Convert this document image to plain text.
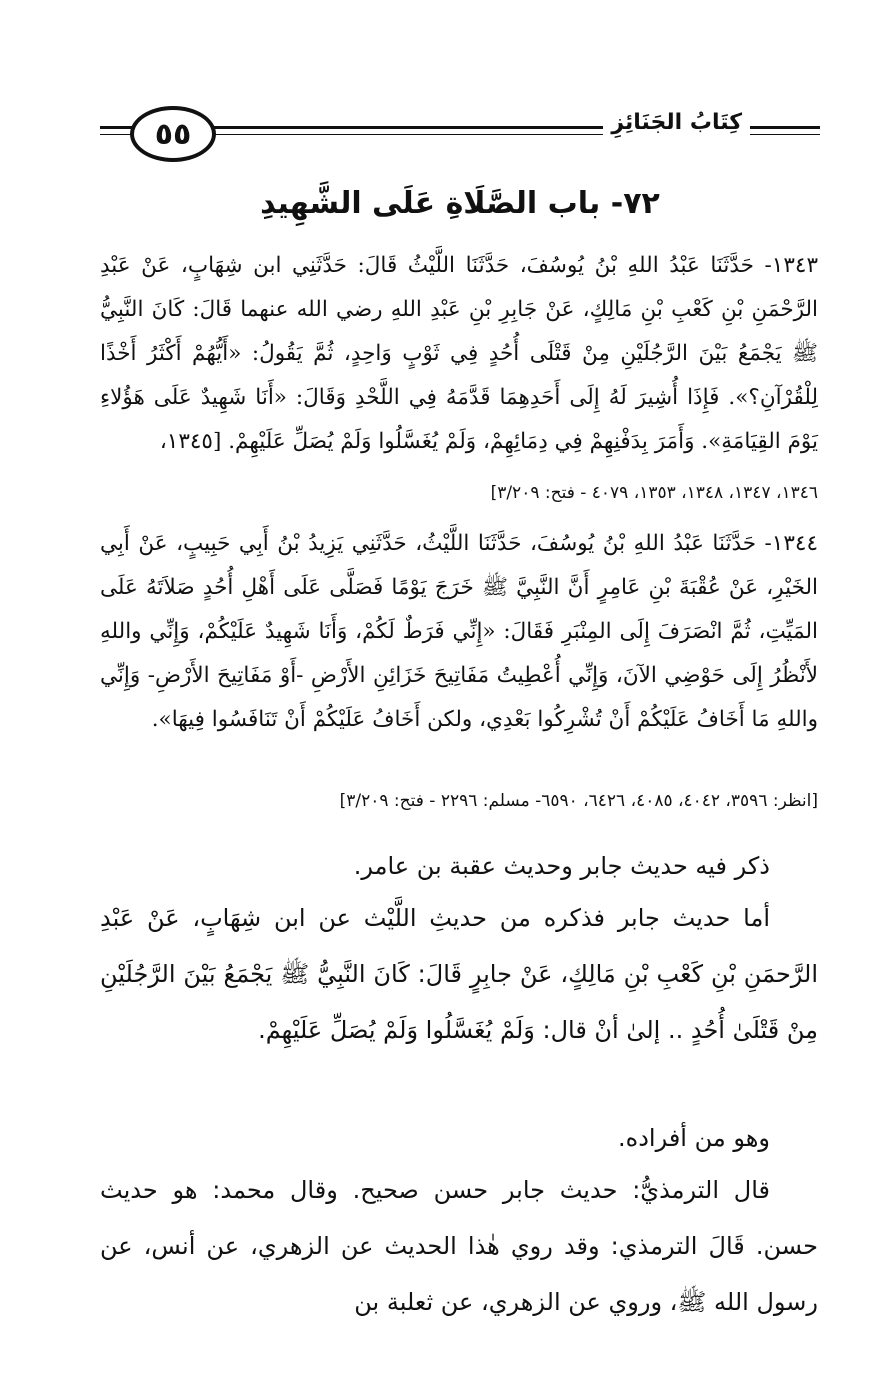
٥٥	كِتَابُ الجَنَائِزِ
٧٢- باب الصَّلَاةِ عَلَى الشَّهِيدِ
١٣٤٣- حَدَّثَنَا عَبْدُ اللهِ بْنُ يُوسُفَ، حَدَّثَنَا اللَّيْثُ قَالَ: حَدَّثَنِي ابن شِهَابٍ، عَنْ عَبْدِ الرَّحْمَنِ بْنِ كَعْبِ بْنِ مَالِكٍ، عَنْ جَابِرِ بْنِ عَبْدِ اللهِ رضي الله عنهما قَالَ: كَانَ النَّبِيُّ ﷺ يَجْمَعُ بَيْنَ الرَّجُلَيْنِ مِنْ قَتْلَى أُحُدٍ فِي ثَوْبٍ وَاحِدٍ، ثُمَّ يَقُولُ: «أَيُّهُمْ أَكْثَرُ أَخْذًا لِلْقُرْآنِ؟». فَإِذَا أُشِيرَ لَهُ إِلَى أَحَدِهِمَا قَدَّمَهُ فِي اللَّحْدِ وَقَالَ: «أَنَا شَهِيدٌ عَلَى هَؤُلاءِ يَوْمَ القِيَامَةِ». وَأَمَرَ بِدَفْنِهِمْ فِي دِمَائِهِمْ، وَلَمْ يُغَسَّلُوا وَلَمْ يُصَلِّ عَلَيْهِمْ. [١٣٤٥،
١٣٤٦، ١٣٤٧، ١٣٤٨، ١٣٥٣، ٤٠٧٩ - فتح: ٣/٢٠٩]
١٣٤٤- حَدَّثَنَا عَبْدُ اللهِ بْنُ يُوسُفَ، حَدَّثَنَا اللَّيْثُ، حَدَّثَنِي يَزِيدُ بْنُ أَبِي حَبِيبٍ، عَنْ أَبِي الخَيْرِ، عَنْ عُقْبَةَ بْنِ عَامِرٍ أَنَّ النَّبِيَّ ﷺ خَرَجَ يَوْمًا فَصَلَّى عَلَى أَهْلِ أُحُدٍ صَلاَتَهُ عَلَى المَيِّتِ، ثُمَّ انْصَرَفَ إِلَى المِنْبَرِ فَقَالَ: «إِنِّي فَرَطٌ لَكُمْ، وَأَنَا شَهِيدٌ عَلَيْكُمْ، وَإِنِّي واللهِ لأَنْظُرُ إِلَى حَوْضِي الآنَ، وَإِنِّي أُعْطِيتُ مَفَاتِيحَ خَزَائِنِ الأَرْضِ -أَوْ مَفَاتِيحَ الأَرْضِ- وَإِنِّي واللهِ مَا أَخَافُ عَلَيْكُمْ أَنْ تُشْرِكُوا بَعْدِي، ولكن أَخَافُ عَلَيْكُمْ أَنْ تَنَافَسُوا فِيهَا».
[انظر: ٣٥٩٦، ٤٠٤٢، ٤٠٨٥، ٦٤٢٦، ٦٥٩٠- مسلم: ٢٢٩٦ - فتح: ٣/٢٠٩]
ذكر فيه حديث جابر وحديث عقبة بن عامر.
أما حديث جابر فذكره من حديثِ اللَّيْث عن ابن شِهَابٍ، عَنْ عَبْدِ الرَّحمَنِ بْنِ كَعْبِ بْنِ مَالِكٍ، عَنْ جابِرٍ قَالَ: كَانَ النَّبِيُّ ﷺ يَجْمَعُ بَيْنَ الرَّجُلَيْنِ مِنْ قَتْلَىٰ أُحُدٍ .. إلىٰ أنْ قال: وَلَمْ يُغَسَّلُوا وَلَمْ يُصَلِّ عَلَيْهِمْ.
وهو من أفراده.
قال الترمذيُّ: حديث جابر حسن صحيح. وقال محمد: هو حديث حسن. قَالَ الترمذي: وقد روي هٰذا الحديث عن الزهري، عن أنس، عن رسول الله ﷺ، وروي عن الزهري، عن ثعلبة بن
